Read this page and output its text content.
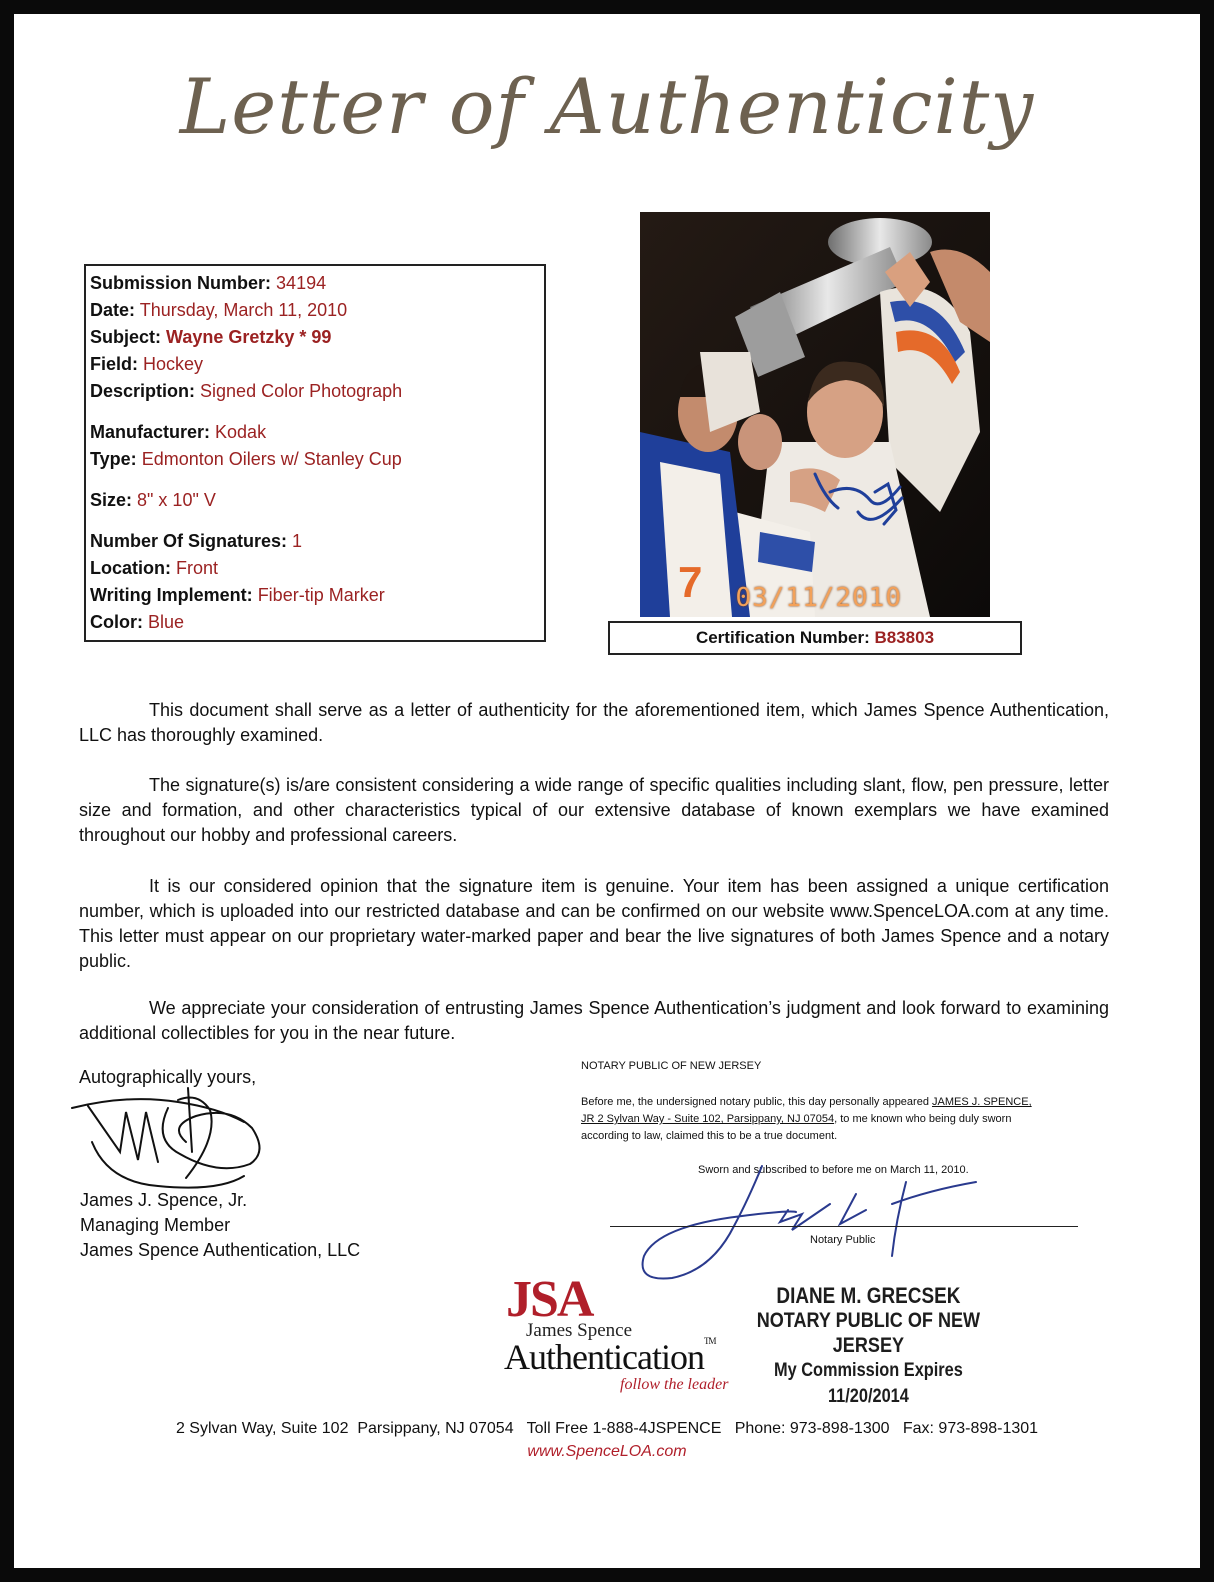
Letter of Authenticity
Submission Number: 34194
Date: Thursday, March 11, 2010
Subject: Wayne Gretzky * 99
Field: Hockey
Description: Signed Color Photograph
Manufacturer: Kodak
Type: Edmonton Oilers w/ Stanley Cup
Size: 8" x 10" V
Number Of Signatures: 1
Location: Front
Writing Implement: Fiber-tip Marker
Color: Blue
7 03/11/2010
Certification Number: B83803
This document shall serve as a letter of authenticity for the aforementioned item, which James Spence Authentication, LLC has thoroughly examined.
The signature(s) is/are consistent considering a wide range of specific qualities including slant, flow, pen pressure, letter size and formation, and other characteristics typical of our extensive database of known exemplars we have examined throughout our hobby and professional careers.
It is our considered opinion that the signature item is genuine. Your item has been assigned a unique certification number, which is uploaded into our restricted database and can be confirmed on our website www.SpenceLOA.com at any time. This letter must appear on our proprietary water-marked paper and bear the live signatures of both James Spence and a notary public.
We appreciate your consideration of entrusting James Spence Authentication’s judgment and look forward to examining additional collectibles for you in the near future.
Autographically yours,
James J. Spence, Jr.
Managing Member
James Spence Authentication, LLC
NOTARY PUBLIC OF NEW JERSEY
Before me, the undersigned notary public, this day personally appeared JAMES J. SPENCE, JR 2 Sylvan Way - Suite 102, Parsippany, NJ 07054, to me known who being duly sworn according to law, claimed this to be a true document.
Sworn and subscribed to before me on March 11, 2010.
Notary Public
JSA
James Spence
Authentication™
follow the leader
DIANE M. GRECSEK
NOTARY PUBLIC OF NEW JERSEY
My Commission Expires 11/20/2014
2 Sylvan Way, Suite 102  Parsippany, NJ 07054   Toll Free 1-888-4JSPENCE   Phone: 973-898-1300   Fax: 973-898-1301
www.SpenceLOA.com
